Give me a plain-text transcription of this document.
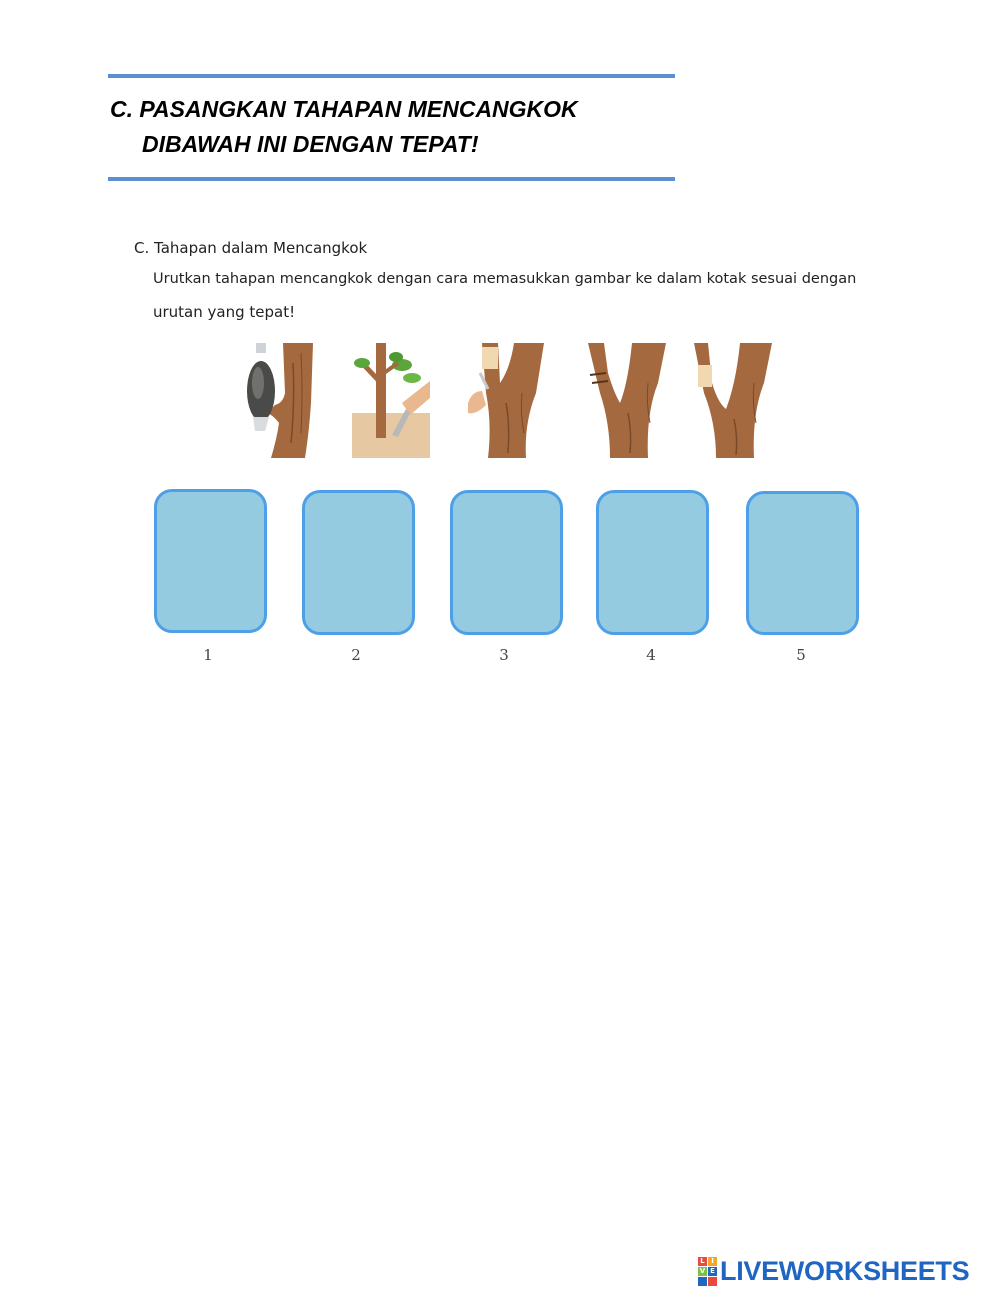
C. PASANGKAN TAHAPAN MENCANGKOK
DIBAWAH INI DENGAN TEPAT!
C. Tahapan dalam Mencangkok
Urutkan tahapan mencangkok dengan cara memasukkan gambar ke dalam kotak sesuai dengan
urutan yang tepat!
1	2	3	4	5
L I
V E LIVEWORKSHEETS
